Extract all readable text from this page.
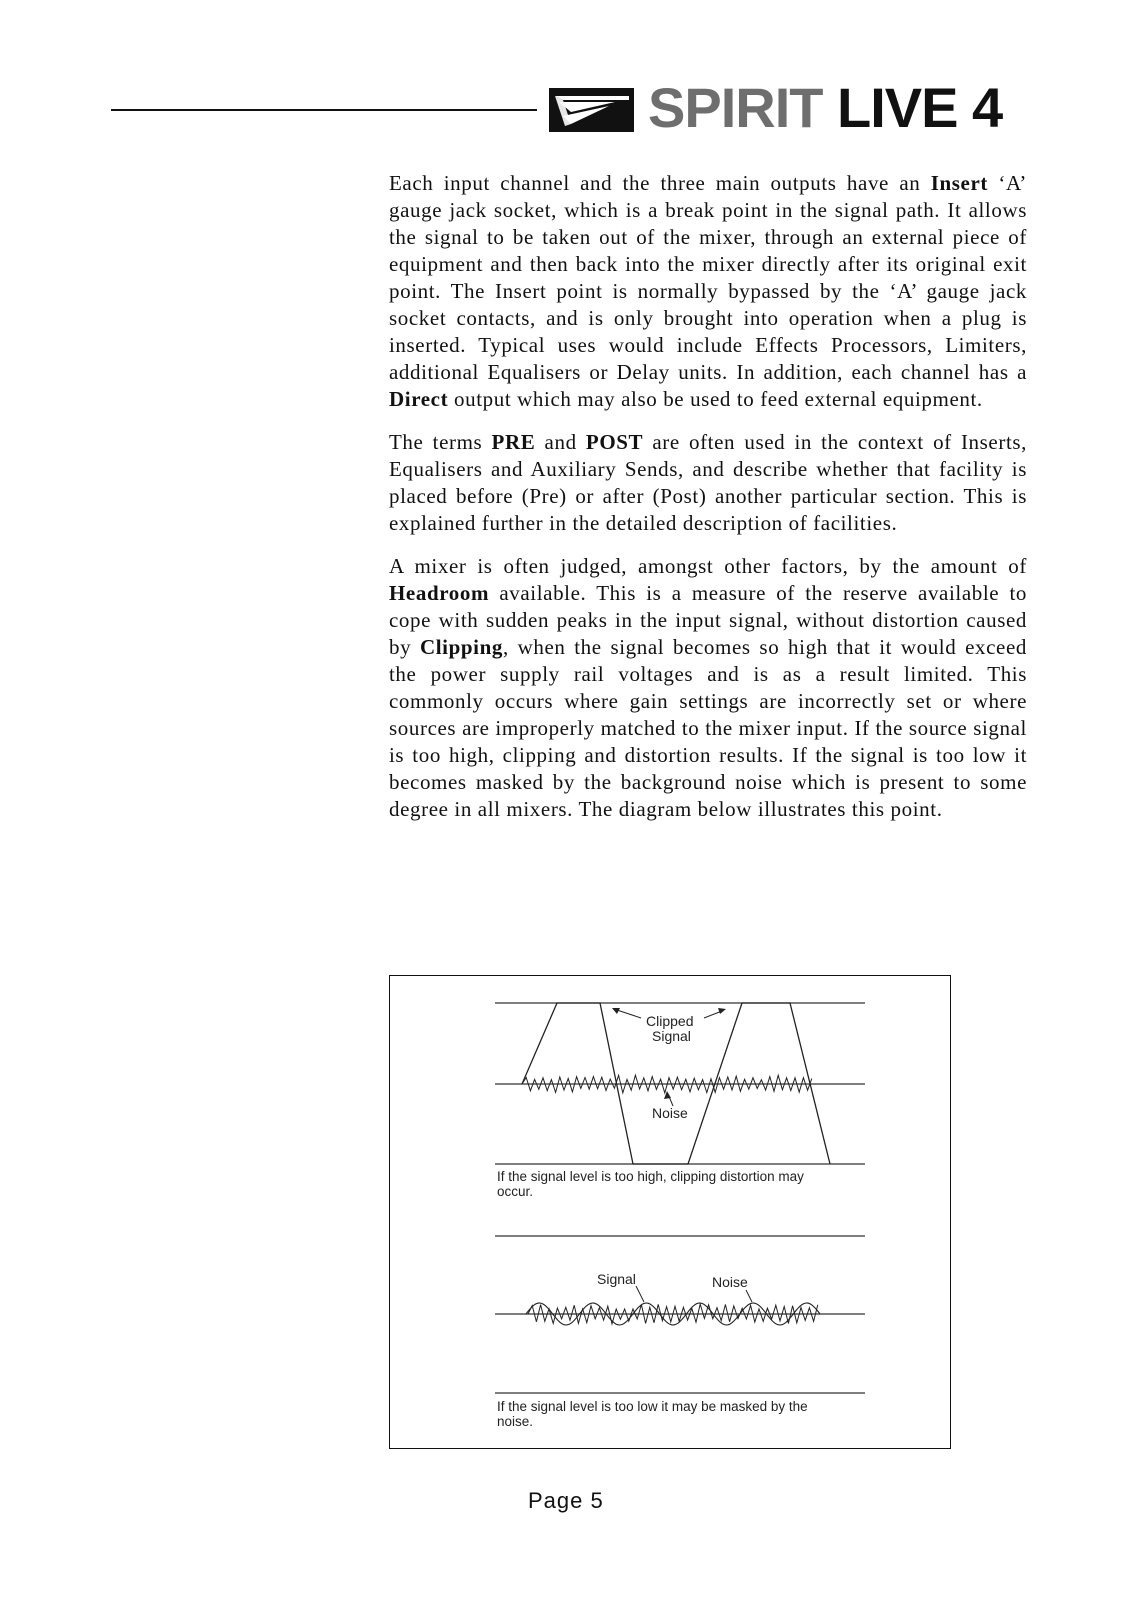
SPIRIT LIVE 4

Each input channel and the three main outputs have an Insert ‘A’ gauge jack socket, which is a break point in the signal path. It allows the signal to be taken out of the mixer, through an external piece of equipment and then back into the mixer directly after its original exit point. The Insert point is normally bypassed by the ‘A’ gauge jack socket contacts, and is only brought into operation when a plug is inserted. Typical uses would include Effects Processors, Limiters, additional Equalisers or Delay units. In addition, each channel has a Direct output which may also be used to feed external equipment.

The terms PRE and POST are often used in the context of Inserts, Equalisers and Auxiliary Sends, and describe whether that facility is placed before (Pre) or after (Post) another particular section. This is explained further in the detailed description of facilities.

A mixer is often judged, amongst other factors, by the amount of Headroom available. This is a measure of the reserve available to cope with sudden peaks in the input signal, without distortion caused by Clipping, when the signal becomes so high that it would exceed the power supply rail voltages and is as a result limited. This commonly occurs where gain settings are incorrectly set or where sources are improperly matched to the mixer input. If the source signal is too high, clipping and distortion results. If the signal is too low it becomes masked by the background noise which is present to some degree in all mixers. The diagram below illustrates this point.

Clipped
Signal
Noise
Signal	Noise
If the signal level is too high, clipping distortion may occur.
If the signal level is too low it may be masked by the noise.
Page 5
